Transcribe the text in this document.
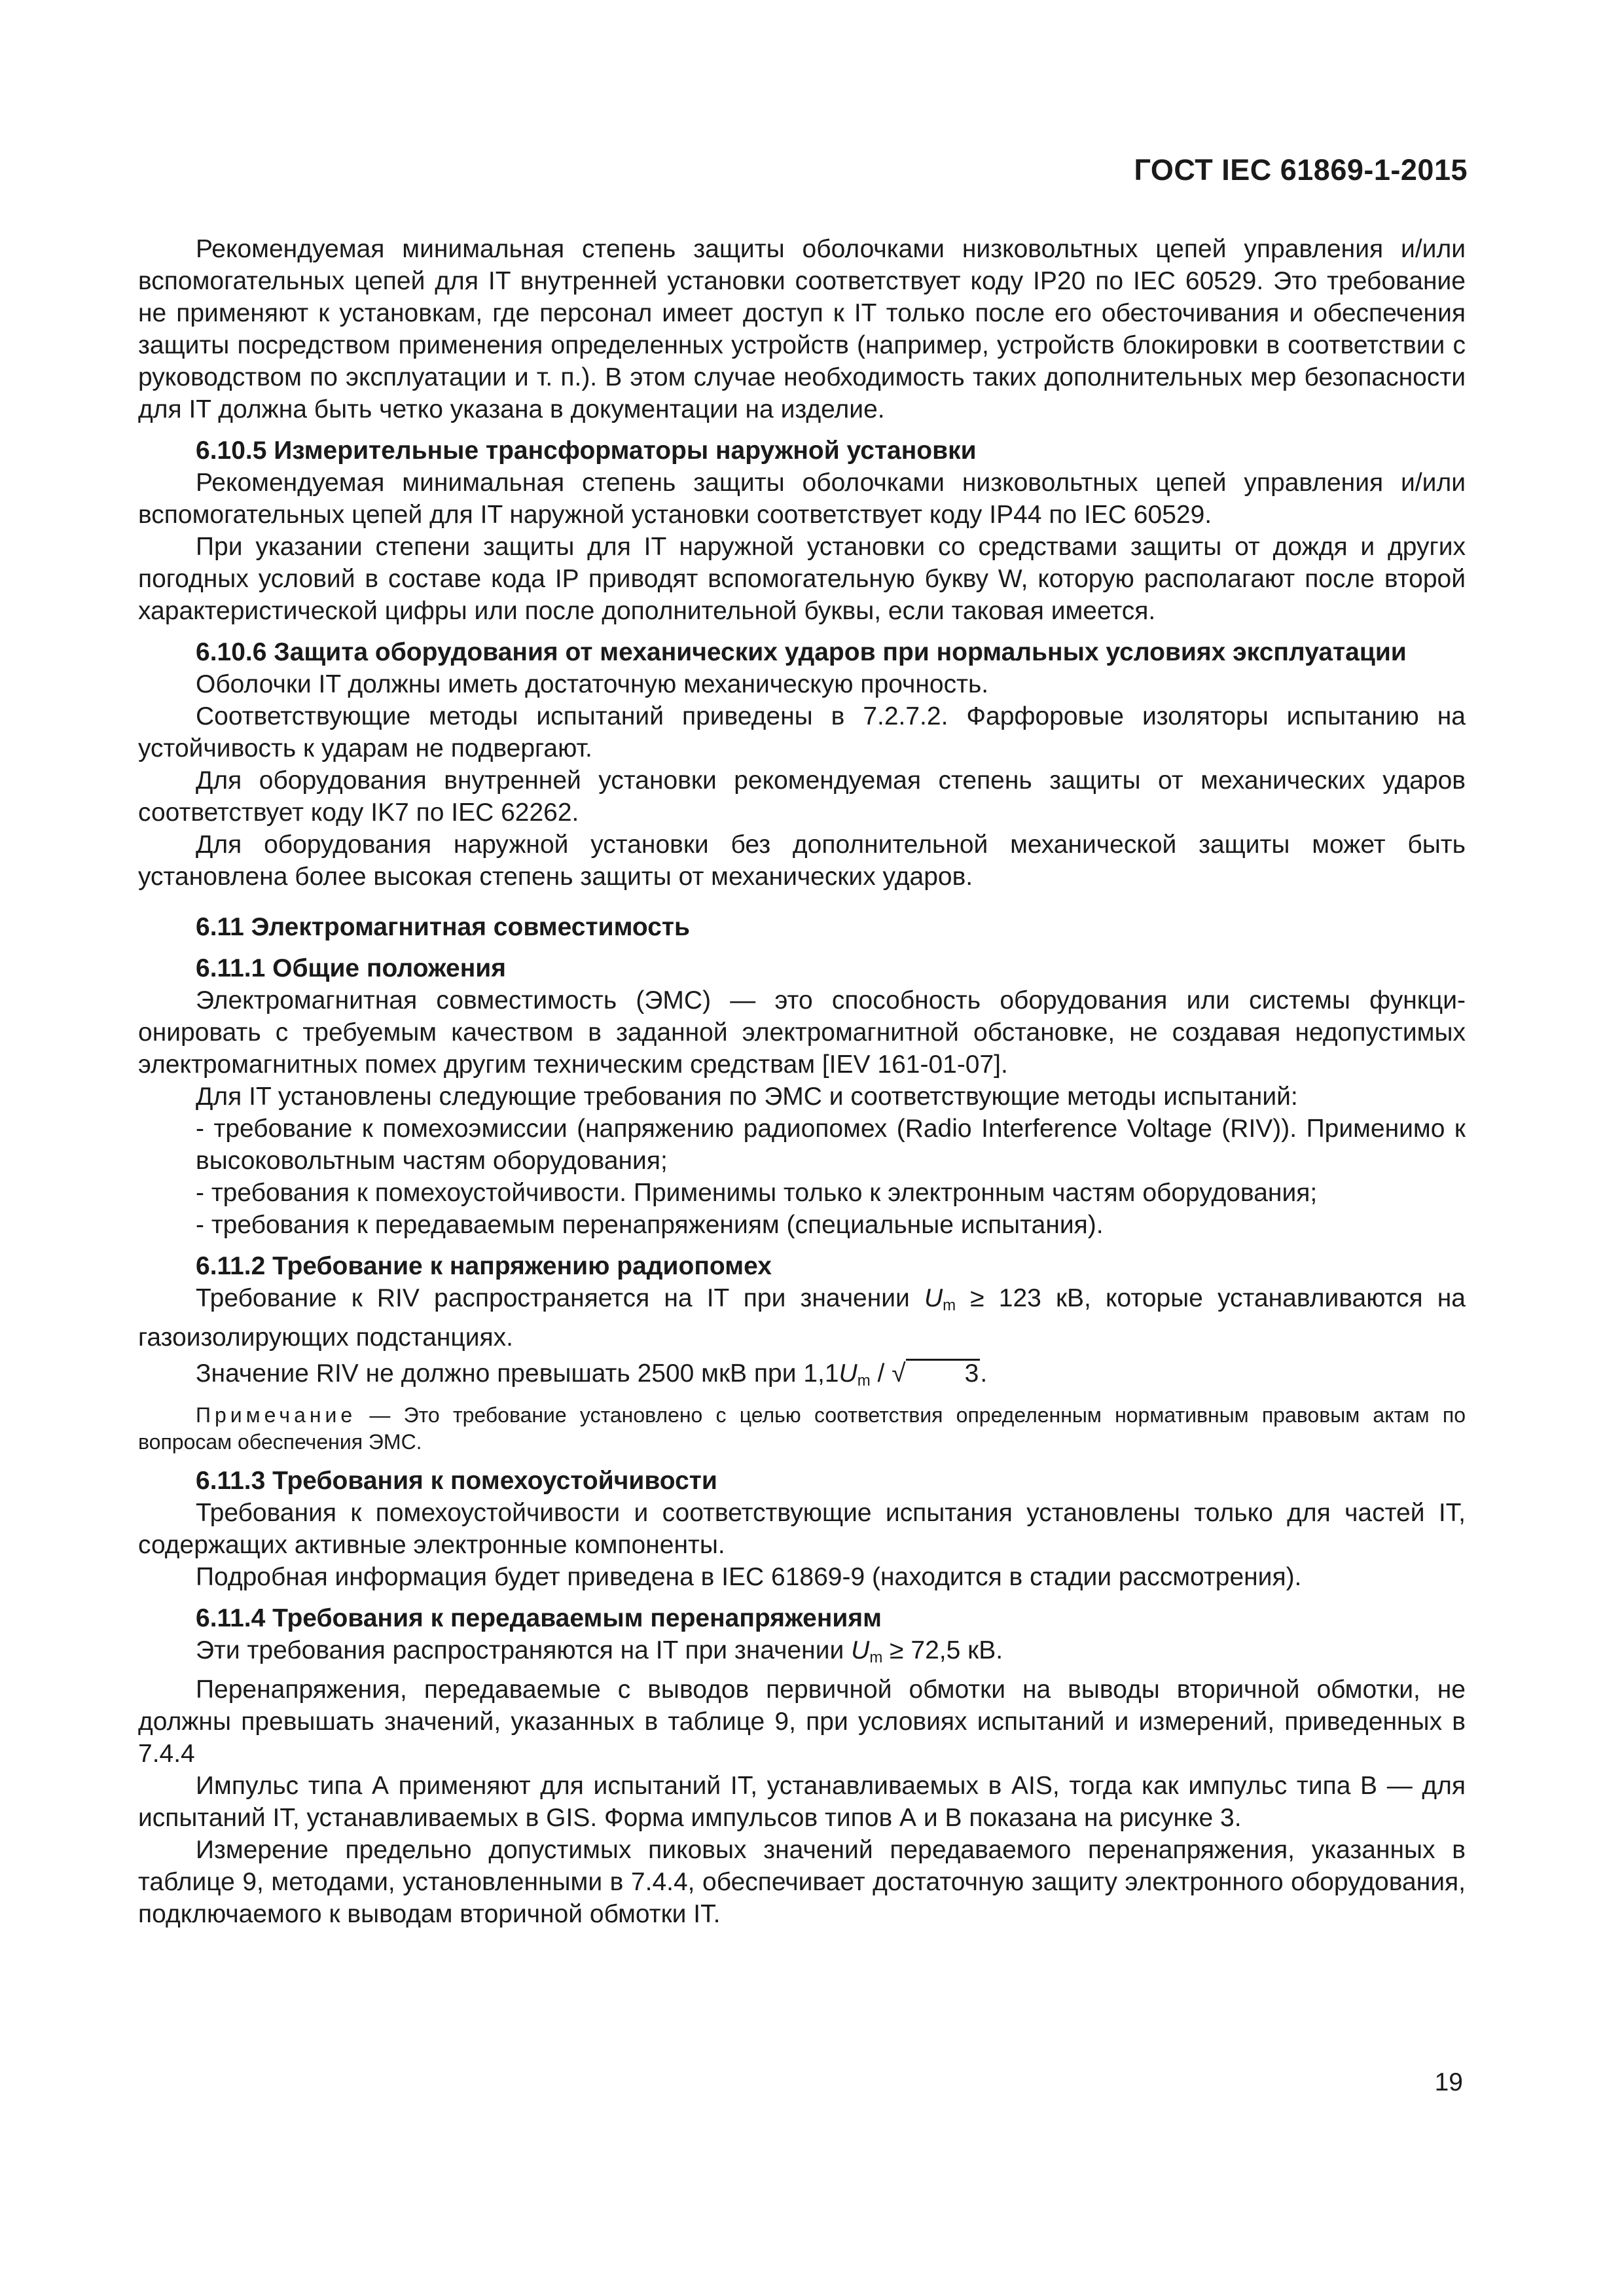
ГОСТ IEC 61869-1-2015

Рекомендуемая минимальная степень защиты оболочками низковольтных цепей управления и/или вспомогательных цепей для IT внутренней установки соответствует коду IP20 по IEC 60529. Это требование не применяют к установкам, где персонал имеет доступ к IT только после его обесточивания и обеспечения защиты посредством применения определенных устройств (например, устройств блокировки в соответствии с руководством по эксплуатации и т. п.). В этом случае необходимость таких дополнительных мер безопасности для IT должна быть четко указана в документации на изделие.

6.10.5 Измерительные трансформаторы наружной установки

Рекомендуемая минимальная степень защиты оболочками низковольтных цепей управления и/или вспомогательных цепей для IT наружной установки соответствует коду IP44 по IEC 60529.

При указании степени защиты для IT наружной установки со средствами защиты от дождя и других погодных условий в составе кода IP приводят вспомогательную букву W, которую располагают после второй характеристической цифры или после дополнительной буквы, если таковая имеется.

6.10.6 Защита оборудования от механических ударов при нормальных условиях эксплуатации

Оболочки IT должны иметь достаточную механическую прочность.

Соответствующие методы испытаний приведены в 7.2.7.2. Фарфоровые изоляторы испытанию на устойчивость к ударам не подвергают.

Для оборудования внутренней установки рекомендуемая степень защиты от механических ударов соответствует коду IK7 по IEC 62262.

Для оборудования наружной установки без дополнительной механической защиты может быть установлена более высокая степень защиты от механических ударов.

6.11 Электромагнитная совместимость

6.11.1 Общие положения

Электромагнитная совместимость (ЭМС) — это способность оборудования или системы функционировать с требуемым качеством в заданной электромагнитной обстановке, не создавая недопустимых электромагнитных помех другим техническим средствам [IEV 161-01-07].

Для IT установлены следующие требования по ЭМС и соответствующие методы испытаний:

- требование к помехоэмиссии (напряжению радиопомех (Radio Interference Voltage (RIV)). Применимо к высоковольтным частям оборудования;

- требования к помехоустойчивости. Применимы только к электронным частям оборудования;

- требования к передаваемым перенапряжениям (специальные испытания).

6.11.2 Требование к напряжению радиопомех

Требование к RIV распространяется на IT при значении $U_m \ge 123$ кВ, которые устанавливаются на газоизолирующих подстанциях.

Значение RIV не должно превышать 2500 мкВ при $1,1U_m$ / √ 3.

Примечание — Это требование установлено с целью соответствия определенным нормативным правовым актам по вопросам обеспечения ЭМС.

6.11.3 Требования к помехоустойчивости

Требования к помехоустойчивости и соответствующие испытания установлены только для частей IT, содержащих активные электронные компоненты.

Подробная информация будет приведена в IEC 61869-9 (находится в стадии рассмотрения).

6.11.4 Требования к передаваемым перенапряжениям

Эти требования распространяются на IT при значении $U_m \ge 72,5$ кВ.

Перенапряжения, передаваемые с выводов первичной обмотки на выводы вторичной обмотки, не должны превышать значений, указанных в таблице 9, при условиях испытаний и измерений, приведенных в 7.4.4

Импульс типа А применяют для испытаний IT, устанавливаемых в AIS, тогда как импульс типа В — для испытаний IT, устанавливаемых в GIS. Форма импульсов типов А и В показана на рисунке 3.

Измерение предельно допустимых пиковых значений передаваемого перенапряжения, указанных в таблице 9, методами, установленными в 7.4.4, обеспечивает достаточную защиту электронного оборудования, подключаемого к выводам вторичной обмотки IT.

19
